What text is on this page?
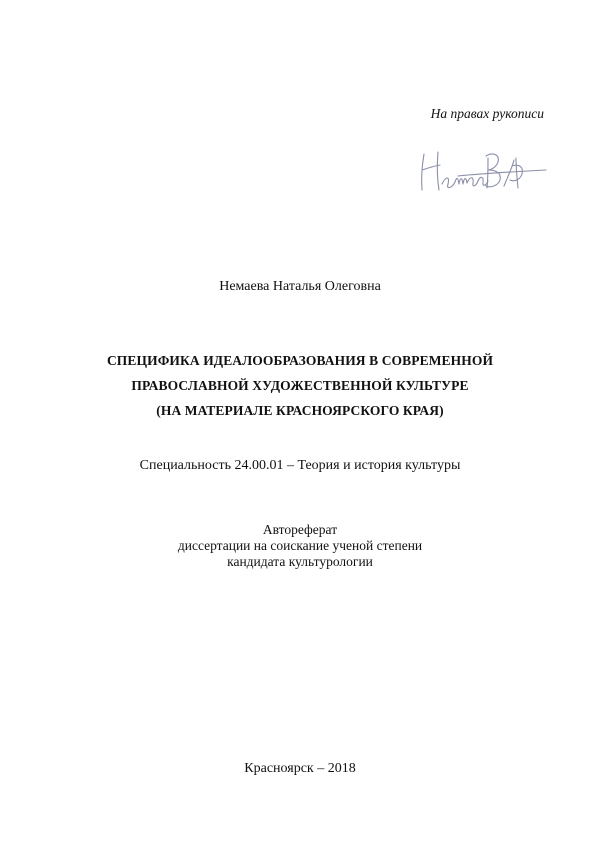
На правах рукописи
Немаева Наталья Олеговна
СПЕЦИФИКА ИДЕАЛООБРАЗОВАНИЯ В СОВРЕМЕННОЙ
ПРАВОСЛАВНОЙ ХУДОЖЕСТВЕННОЙ КУЛЬТУРЕ
(НА МАТЕРИАЛЕ КРАСНОЯРСКОГО КРАЯ)
Специальность 24.00.01 – Теория и история культуры
Автореферат
диссертации на соискание ученой степени
кандидата культурологии
Красноярск – 2018
